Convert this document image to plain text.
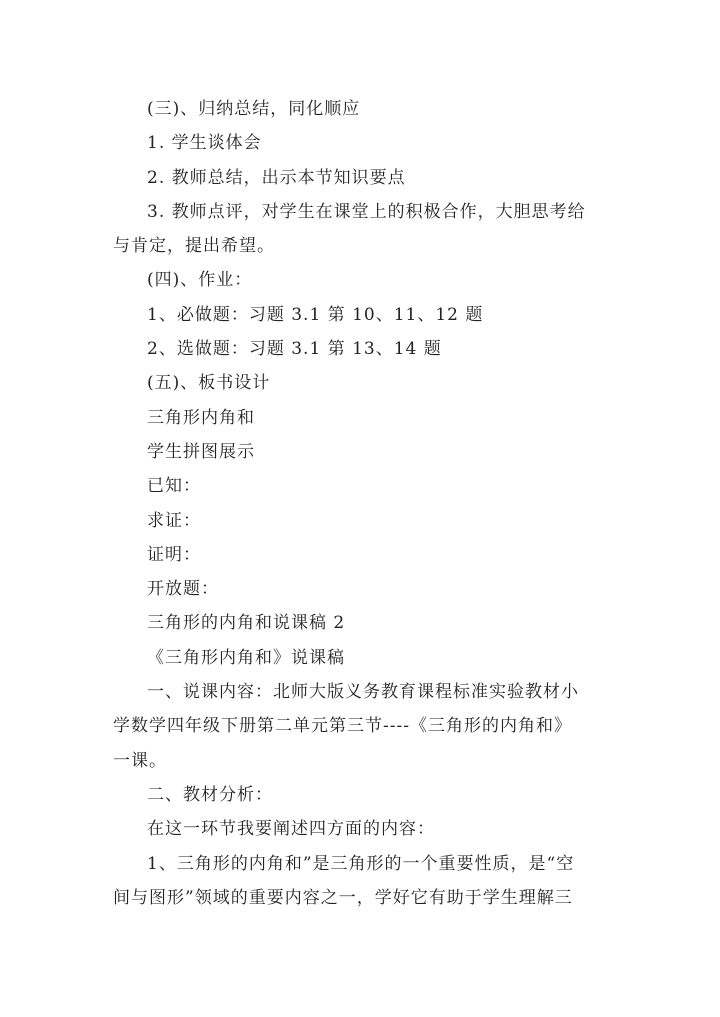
(三)、归纳总结，同化顺应
1. 学生谈体会
2. 教师总结，出示本节知识要点
3. 教师点评，对学生在课堂上的积极合作，大胆思考给
与肯定，提出希望。
(四)、作业：
1、必做题：习题 3.1 第 10、11、12 题
2、选做题：习题 3.1 第 13、14 题
(五)、板书设计
三角形内角和
学生拼图展示
已知：
求证：
证明：
开放题：
三角形的内角和说课稿 2
《三角形内角和》说课稿
一、说课内容：北师大版义务教育课程标准实验教材小
学数学四年级下册第二单元第三节----《三角形的内角和》
一课。
二、教材分析：
在这一环节我要阐述四方面的内容：
1、三角形的内角和”是三角形的一个重要性质，是“空
间与图形”领域的重要内容之一，学好它有助于学生理解三
